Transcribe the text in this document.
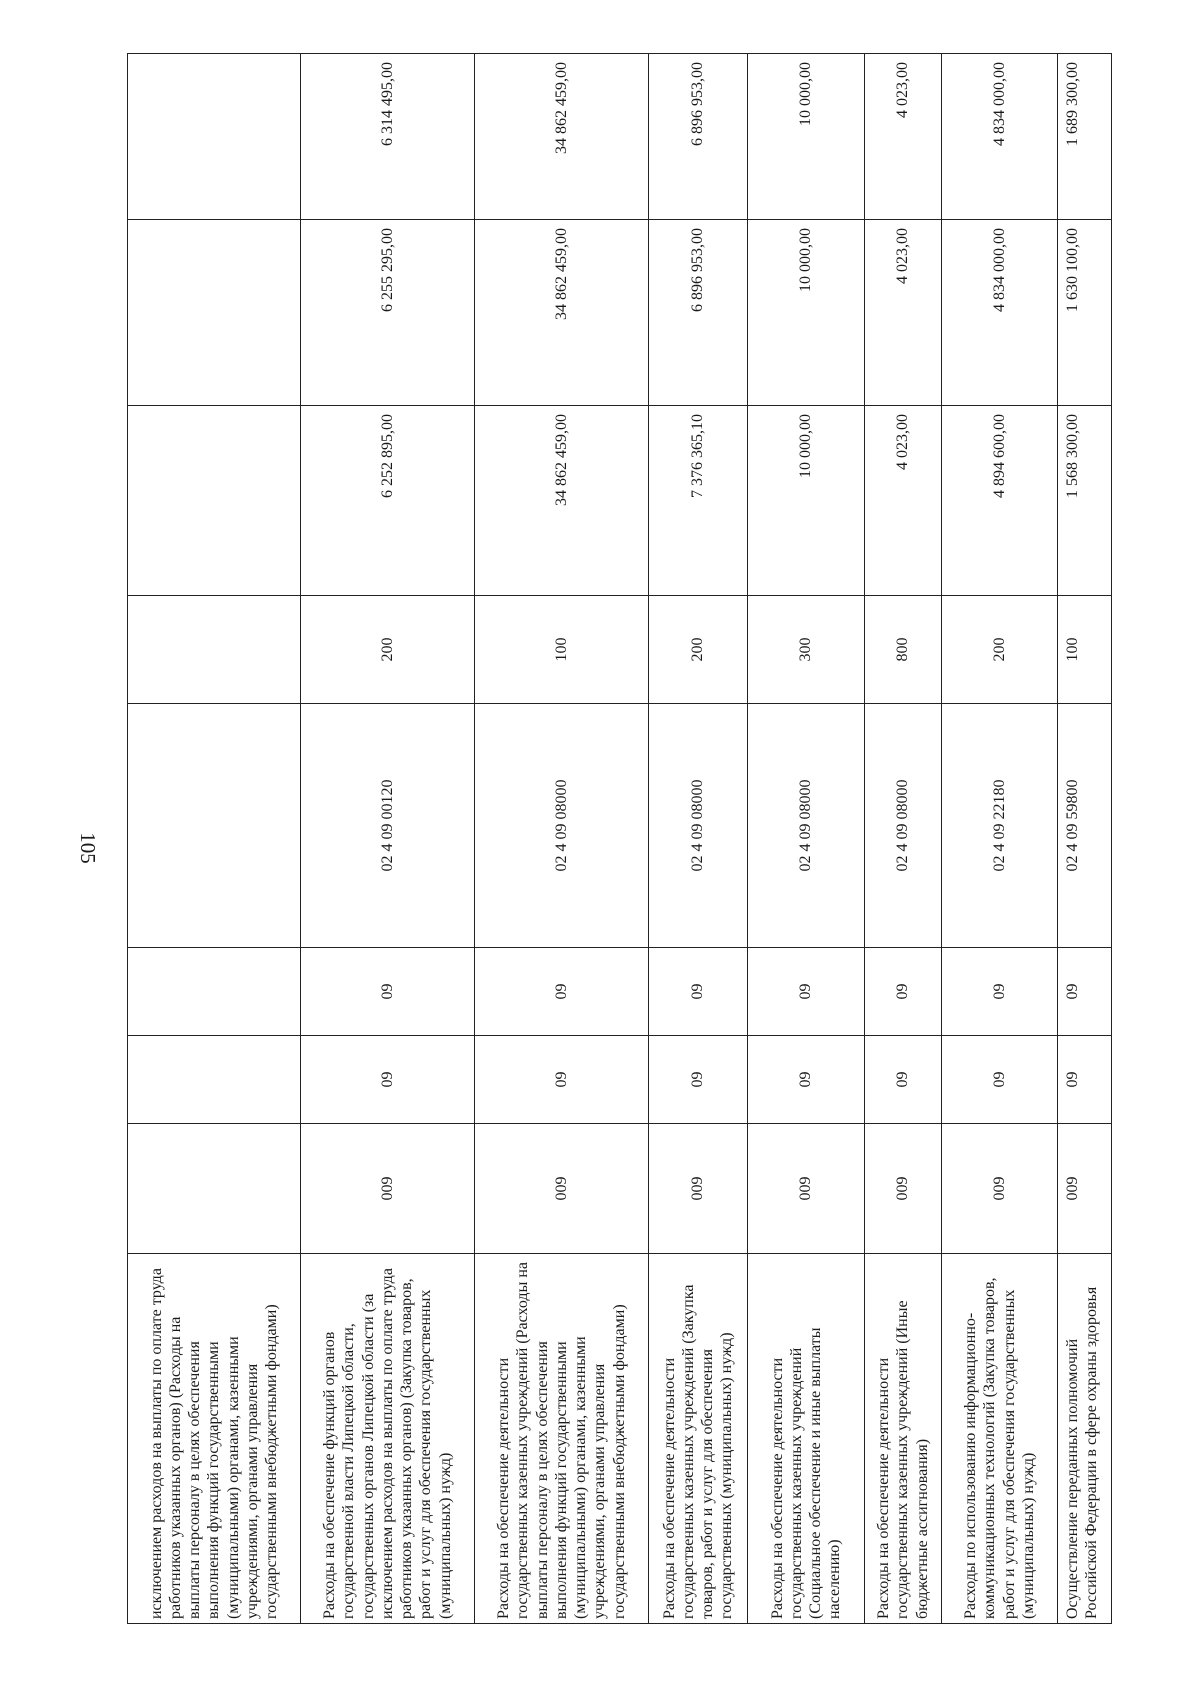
105
исключением расходов на выплаты по оплате труда работников указанных органов) (Расходы на выплаты персоналу в целях обеспечения выполнения функций государственными (муниципальными) органами, казенными учреждениями, органами управления государственными внебюджетными фондами)								
Расходы на обеспечение функций органов государственной власти Липецкой области, государственных органов Липецкой области (за исключением расходов на выплаты по оплате труда работников указанных органов) (Закупка товаров, работ и услуг для обеспечения государственных (муниципальных) нужд)	009	09	09	02 4 09 00120	200	6 252 895,00	6 255 295,00	6 314 495,00
Расходы на обеспечение деятельности государственных казенных учреждений (Расходы на выплаты персоналу в целях обеспечения выполнения функций государственными (муниципальными) органами, казенными учреждениями, органами управления государственными внебюджетными фондами)	009	09	09	02 4 09 08000	100	34 862 459,00	34 862 459,00	34 862 459,00
Расходы на обеспечение деятельности государственных казенных учреждений (Закупка товаров, работ и услуг для обеспечения государственных (муниципальных) нужд)	009	09	09	02 4 09 08000	200	7 376 365,10	6 896 953,00	6 896 953,00
Расходы на обеспечение деятельности государственных казенных учреждений (Социальное обеспечение и иные выплаты населению)	009	09	09	02 4 09 08000	300	10 000,00	10 000,00	10 000,00
Расходы на обеспечение деятельности государственных казенных учреждений (Иные бюджетные ассигнования)	009	09	09	02 4 09 08000	800	4 023,00	4 023,00	4 023,00
Расходы по использованию информационно-коммуникационных технологий (Закупка товаров, работ и услуг для обеспечения государственных (муниципальных) нужд)	009	09	09	02 4 09 22180	200	4 894 600,00	4 834 000,00	4 834 000,00
Осуществление переданных полномочий Российской Федерации в сфере охраны здоровья	009	09	09	02 4 09 59800	100	1 568 300,00	1 630 100,00	1 689 300,00
